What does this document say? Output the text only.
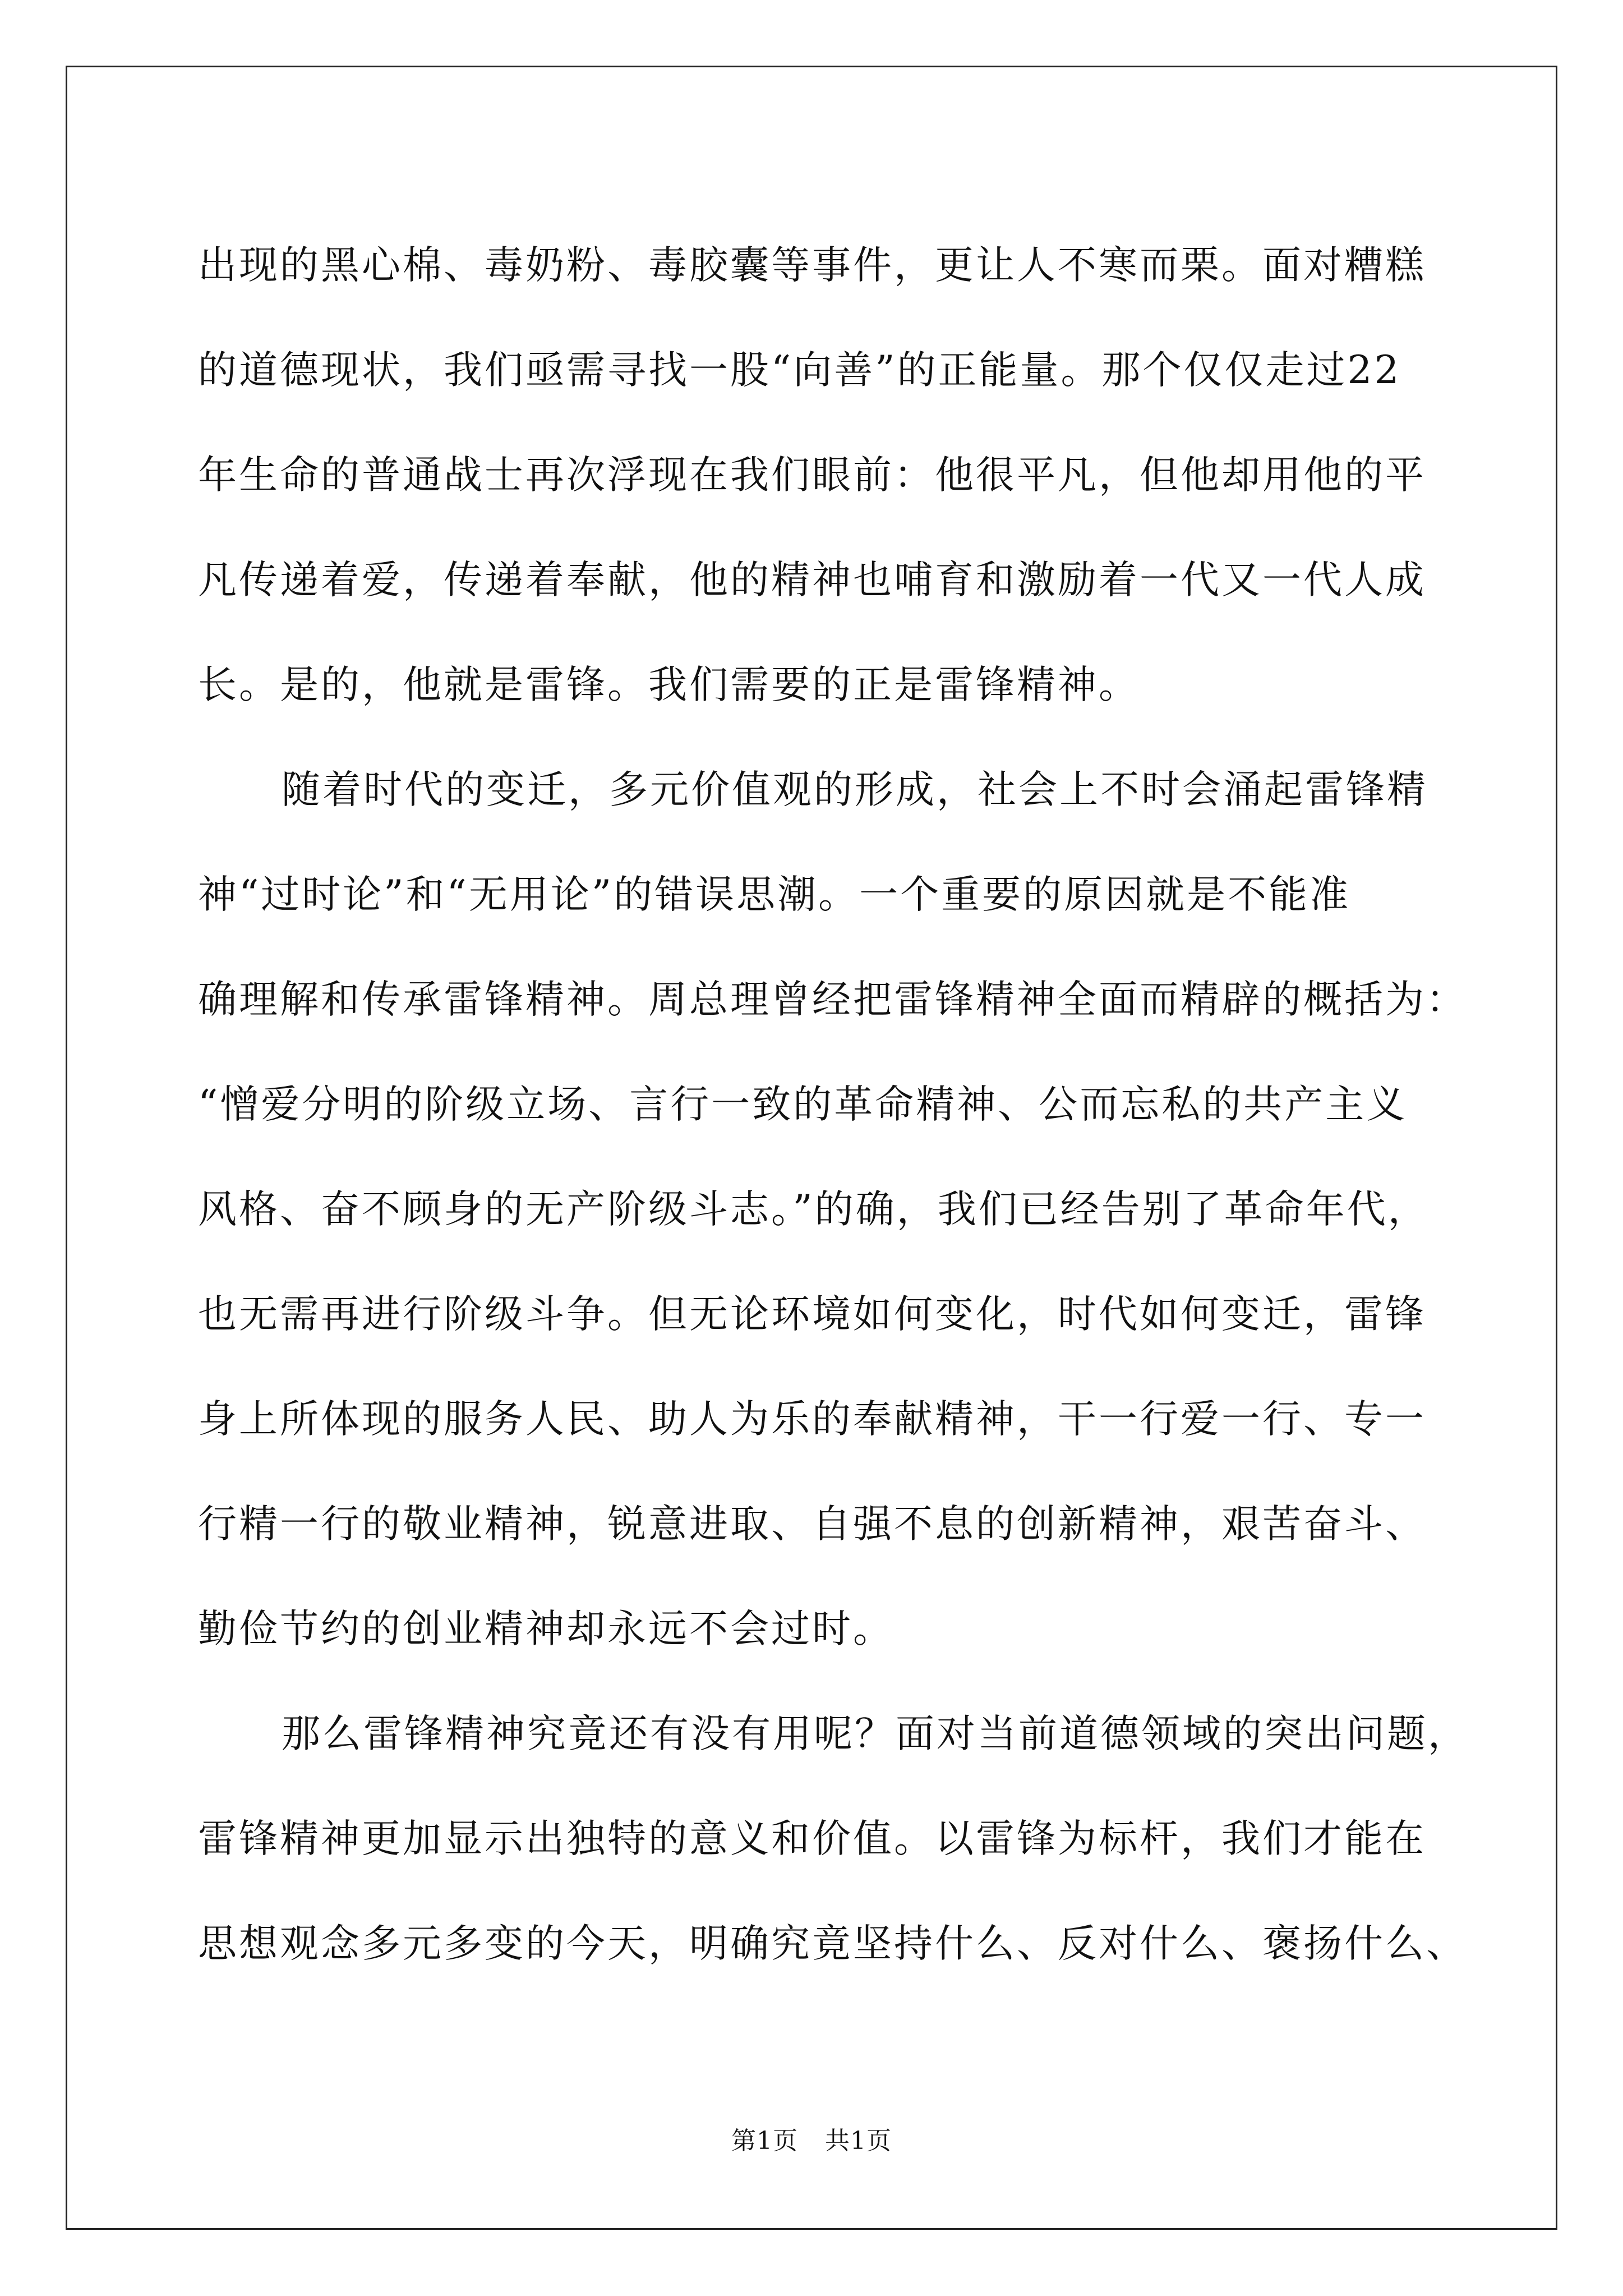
出现的黑心棉、毒奶粉、毒胶囊等事件，更让人不寒而栗。面对糟糕
的道德现状，我们亟需寻找一股“向善”的正能量。那个仅仅走过22
年生命的普通战士再次浮现在我们眼前：他很平凡，但他却用他的平
凡传递着爱，传递着奉献，他的精神也哺育和激励着一代又一代人成
长。是的，他就是雷锋。我们需要的正是雷锋精神。
随着时代的变迁，多元价值观的形成，社会上不时会涌起雷锋精
神“过时论”和“无用论”的错误思潮。一个重要的原因就是不能准
确理解和传承雷锋精神。周总理曾经把雷锋精神全面而精辟的概括为：
“憎爱分明的阶级立场、言行一致的革命精神、公而忘私的共产主义
风格、奋不顾身的无产阶级斗志。”的确，我们已经告别了革命年代，
也无需再进行阶级斗争。但无论环境如何变化，时代如何变迁，雷锋
身上所体现的服务人民、助人为乐的奉献精神，干一行爱一行、专一
行精一行的敬业精神，锐意进取、自强不息的创新精神，艰苦奋斗、
勤俭节约的创业精神却永远不会过时。
那么雷锋精神究竟还有没有用呢？面对当前道德领域的突出问题，
雷锋精神更加显示出独特的意义和价值。以雷锋为标杆，我们才能在
思想观念多元多变的今天，明确究竟坚持什么、反对什么、褒扬什么、
第1页 共1页
